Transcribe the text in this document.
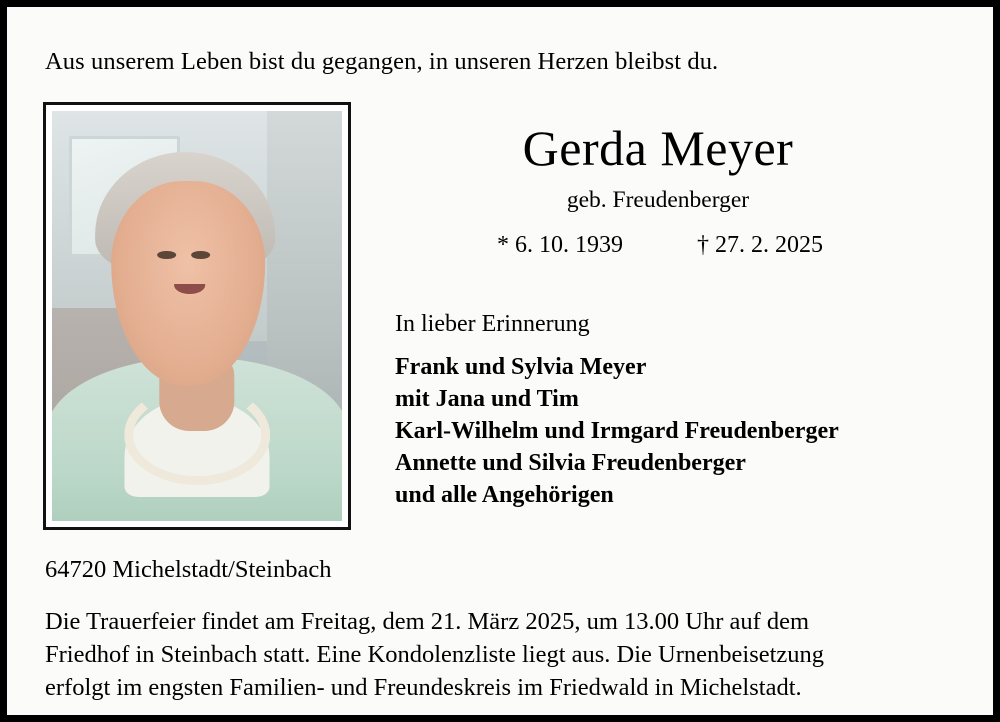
Aus unserem Leben bist du gegangen, in unseren Herzen bleibst du.
Gerda Meyer
geb. Freudenberger
* 6. 10. 1939	† 27. 2. 2025
In lieber Erinnerung
Frank und Sylvia Meyer
mit Jana und Tim
Karl-Wilhelm und Irmgard Freudenberger
Annette und Silvia Freudenberger
und alle Angehörigen
64720 Michelstadt/Steinbach
Die Trauerfeier findet am Freitag, dem 21. März 2025, um 13.00 Uhr auf dem
Friedhof in Steinbach statt. Eine Kondolenzliste liegt aus. Die Urnenbeisetzung
erfolgt im engsten Familien- und Freundeskreis im Friedwald in Michelstadt.
